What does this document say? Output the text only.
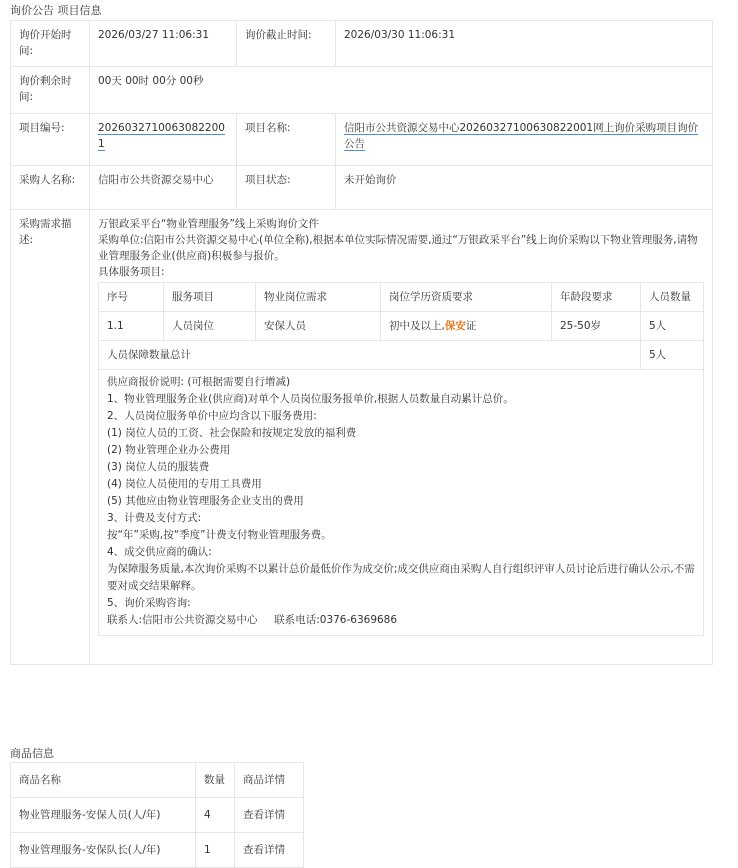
询价公告 项目信息
询价开始时间:	2026/03/27 11:06:31	询价截止时间:	2026/03/30 11:06:31
询价剩余时间:	00天 00时 00分 00秒
项目编号:	2026032710063082200​1	项目名称:	信阳市公共资源交易中心20260327100630822001网上询价采购项目询价公告
采购人名称:	信阳市公共资源交易中心	项目状态:	未开始询价
采购需求描述:	
万银政采平台“物业管理服务”线上采购询价文件
采购单位:信阳市公共资源交易中心(单位全称),根据本单位实际情况需要,通过“万银政采平台”线上询价采购以下物业管理服务,请物业管理服务企业(供应商)积极参与报价。
具体服务项目:
序号	服务项目	物业岗位需求	岗位学历资质要求	年龄段要求	人员数量
1.1	人员岗位	安保人员	初中及以上,保安证	25-50岁	5人
人员保障数量总计	5人
供应商报价说明: (可根据需要自行增减)
1、物业管理服务企业(供应商)对单个人员岗位服务报单价,根据人员数量自动累计总价。
2、人员岗位服务单价中应均含以下服务费用:
(1) 岗位人员的工资、社会保险和按规定发放的福利费
(2) 物业管理企业办公费用
(3) 岗位人员的服装费
(4) 岗位人员使用的专用工具费用
(5) 其他应由物业管理服务企业支出的费用
3、计费及支付方式:
按“年”采购,按“季度”计费支付物业管理服务费。
4、成交供应商的确认:
为保障服务质量,本次询价采购不以累计总价最低价作为成交价;成交供应商由采购人自行组织评审人员讨论后进行确认公示,不需要对成交结果解释。
5、询价采购咨询:
联系人:信阳市公共资源交易中心     联系电话:0376-6369686
商品信息
商品名称	数量	商品详情
物业管理服务-安保人员(人/年)	4	查看详情
物业管理服务-安保队长(人/年)	1	查看详情
